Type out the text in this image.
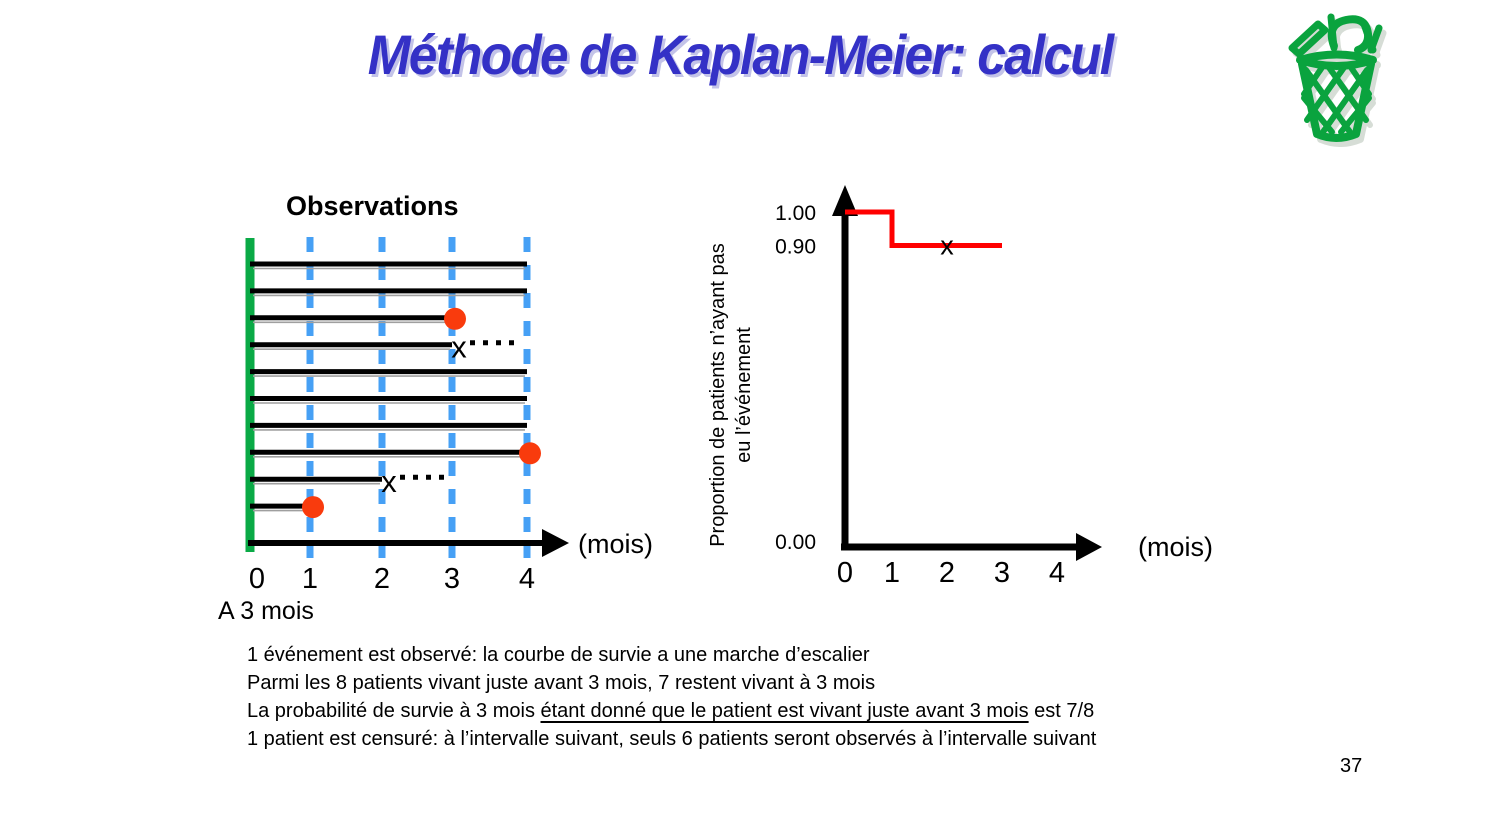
Méthode de Kaplan-Meier: calcul
Observations
x
x
0 1 2 3 4
(mois)
x
1.00
0.90
0.00
0 1 2 3 4
(mois)
Proportion de patients n’ayant pas eu l’événement
A 3 mois
1 événement est observé: la courbe de survie a une marche d’escalier
Parmi les 8 patients vivant juste avant 3 mois, 7 restent vivant à 3 mois
La probabilité de survie à 3 mois étant donné que le patient est vivant juste avant 3 mois est 7/8
1 patient est censuré: à l’intervalle suivant, seuls 6 patients seront observés à l’intervalle suivant
37
